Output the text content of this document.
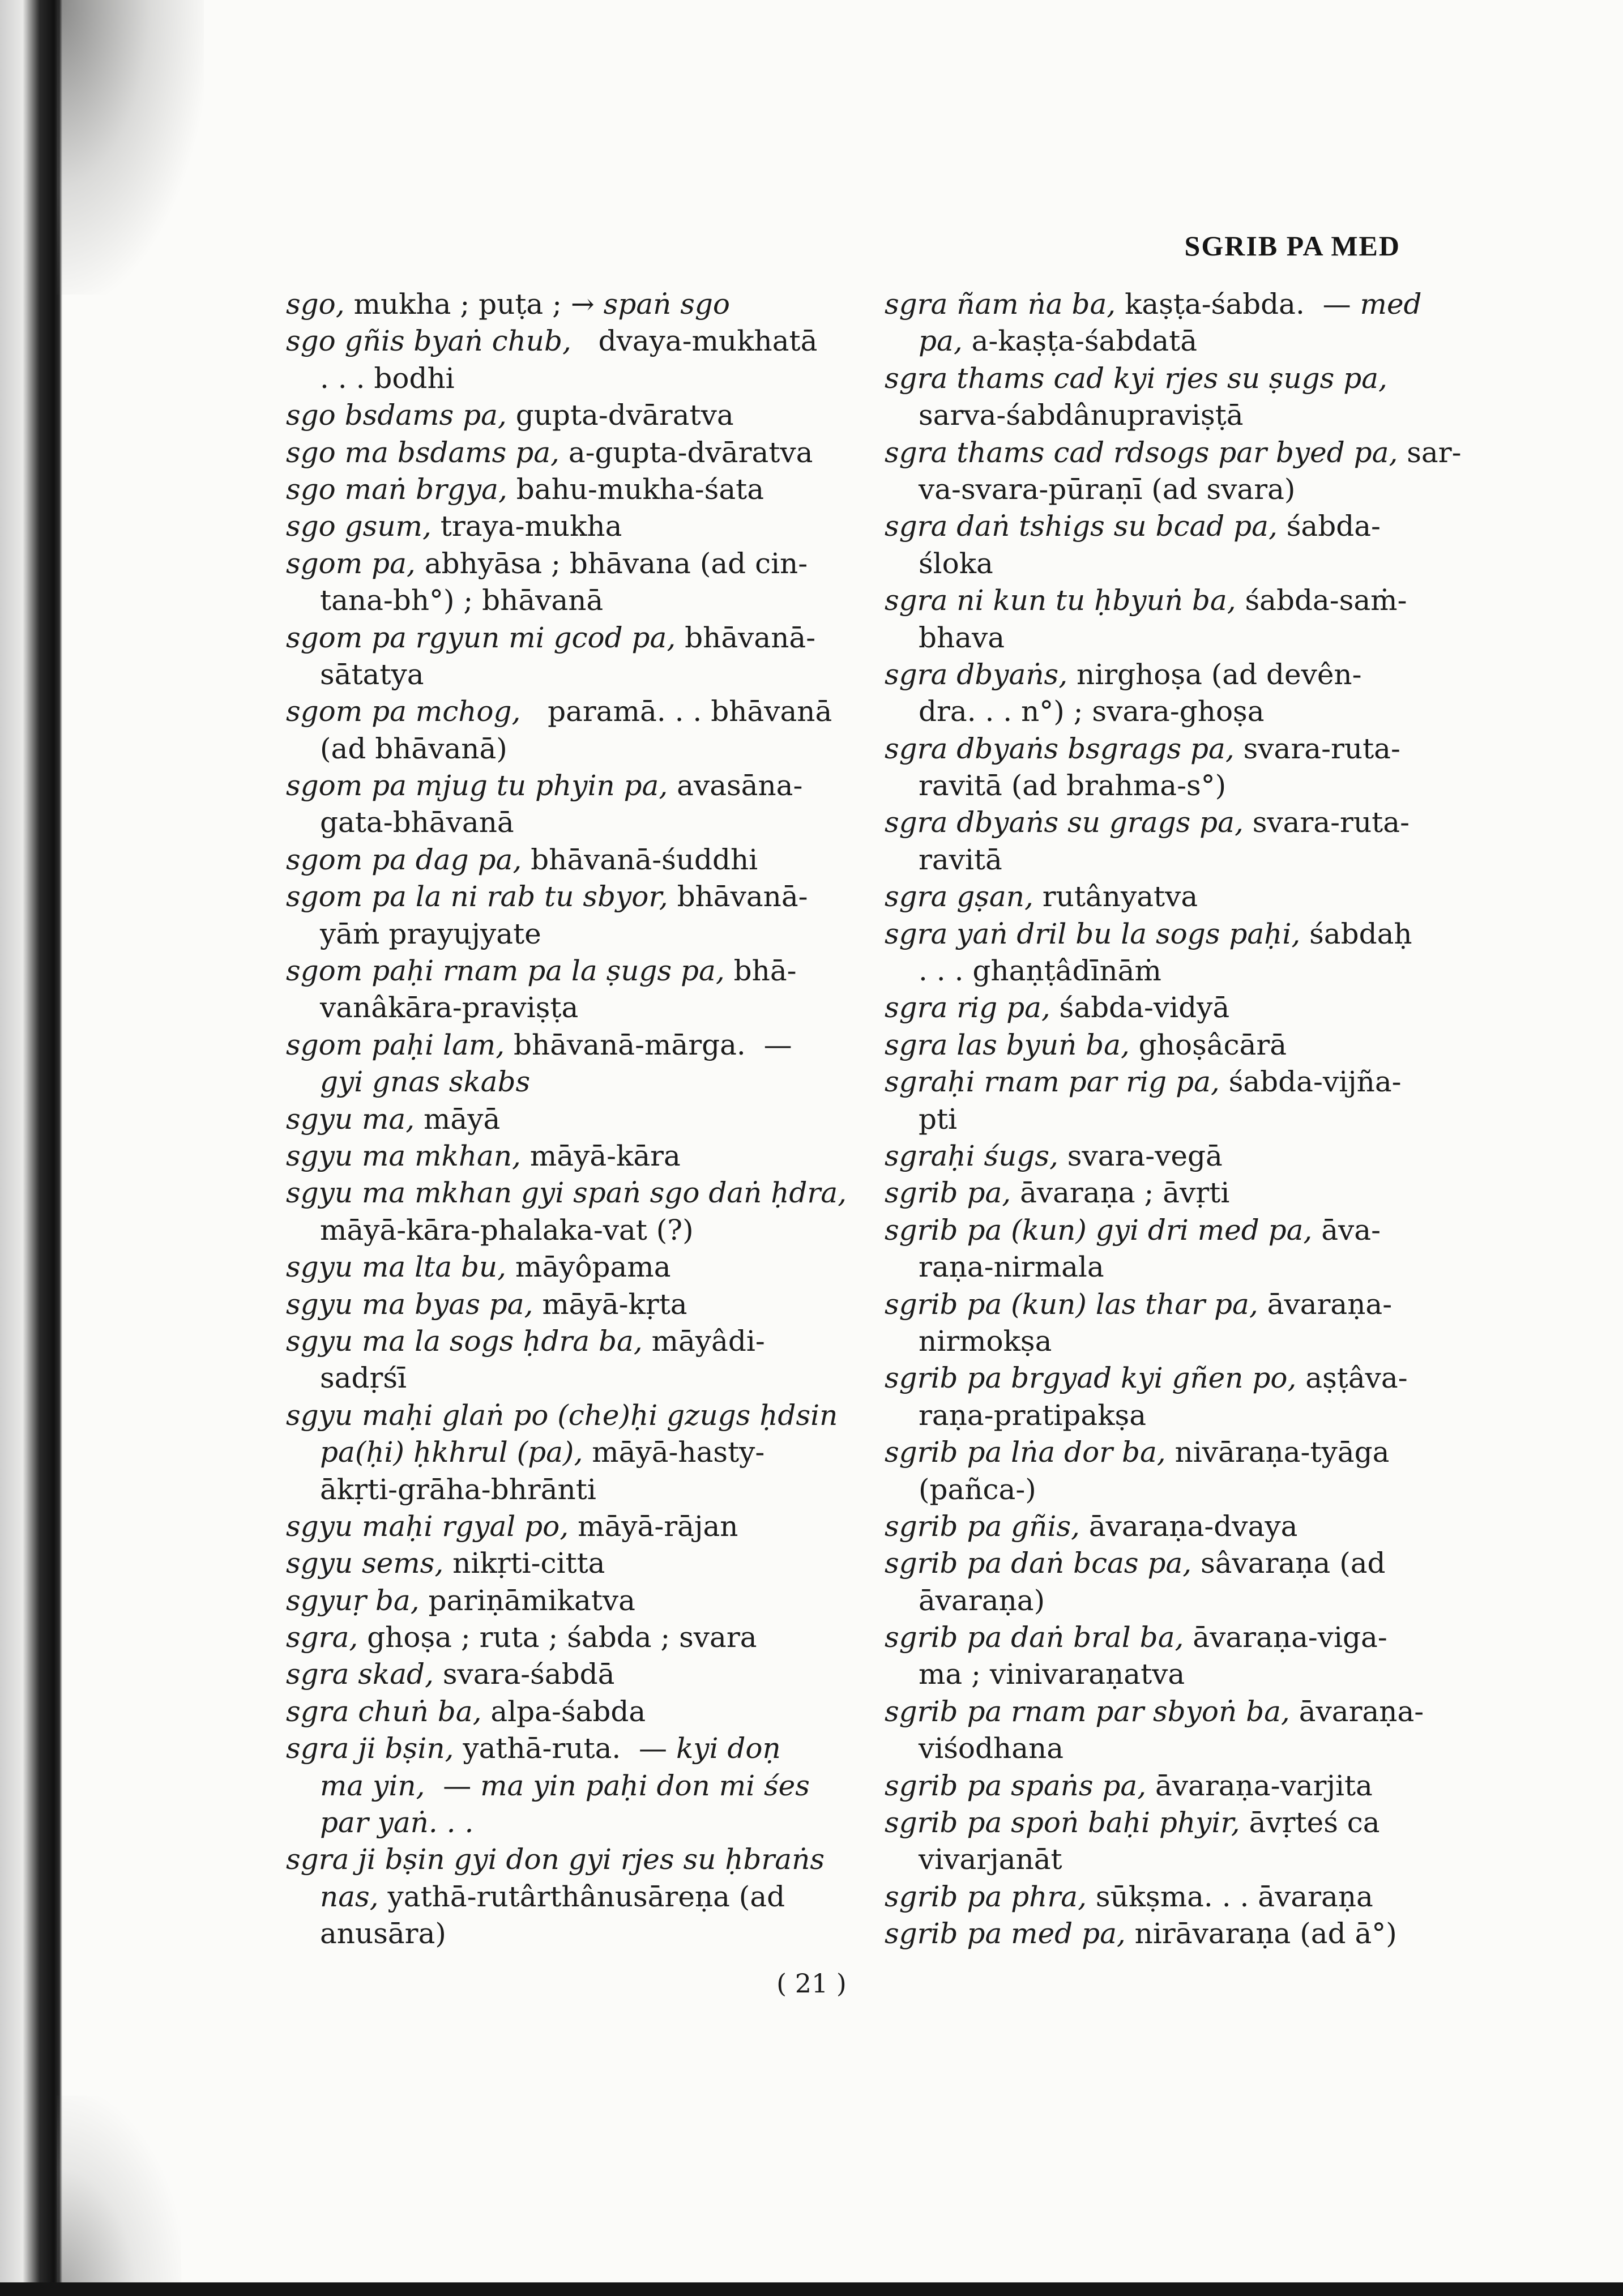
SGRIB PA MED
sgo, mukha ; puṭa ; → spaṅ sgo
sgo gñis byaṅ chub,   dvaya-mukhatā
. . . bodhi
sgo bsdams pa, gupta-dvāratva
sgo ma bsdams pa, a-gupta-dvāratva
sgo maṅ brgya, bahu-mukha-śata
sgo gsum, traya-mukha
sgom pa, abhyāsa ; bhāvana (ad cin-
tana-bh°) ; bhāvanā
sgom pa rgyun mi gcod pa, bhāvanā-
sātatya
sgom pa mchog,   paramā. . . bhāvanā
(ad bhāvanā)
sgom pa mjug tu phyin pa, avasāna-
gata-bhāvanā
sgom pa dag pa, bhāvanā-śuddhi
sgom pa la ni rab tu sbyor, bhāvanā-
yāṁ prayujyate
sgom paḥi rnam pa la ṣugs pa, bhā-
vanâkāra-praviṣṭa
sgom paḥi lam, bhāvanā-mārga.  —
gyi gnas skabs
sgyu ma, māyā
sgyu ma mkhan, māyā-kāra
sgyu ma mkhan gyi spaṅ sgo daṅ ḥdra,
māyā-kāra-phalaka-vat (?)
sgyu ma lta bu, māyôpama
sgyu ma byas pa, māyā-kṛta
sgyu ma la sogs ḥdra ba, māyâdi-
sadṛśī
sgyu maḥi glaṅ po (che)ḥi gzugs ḥdsin
pa(ḥi) ḥkhrul (pa), māyā-hasty-
ākṛti-grāha-bhrānti
sgyu maḥi rgyal po, māyā-rājan
sgyu sems, nikṛti-citta
sgyuṛ ba, pariṇāmikatva
sgra, ghoṣa ; ruta ; śabda ; svara
sgra skad, svara-śabdā
sgra chuṅ ba, alpa-śabda
sgra ji bṣin, yathā-ruta.  — kyi doṇ
ma yin,  — ma yin paḥi don mi śes
par yaṅ. . .
sgra ji bṣin gyi don gyi rjes su ḥbraṅs
nas, yathā-rutârthânusāreṇa (ad
anusāra)
sgra ñam ṅa ba, kaṣṭa-śabda.  — med
pa, a-kaṣṭa-śabdatā
sgra thams cad kyi rjes su ṣugs pa,
sarva-śabdânupraviṣṭā
sgra thams cad rdsogs par byed pa, sar-
va-svara-pūraṇī (ad svara)
sgra daṅ tshigs su bcad pa, śabda-
śloka
sgra ni kun tu ḥbyuṅ ba, śabda-saṁ-
bhava
sgra dbyaṅs, nirghoṣa (ad devên-
dra. . . n°) ; svara-ghoṣa
sgra dbyaṅs bsgrags pa, svara-ruta-
ravitā (ad brahma-s°)
sgra dbyaṅs su grags pa, svara-ruta-
ravitā
sgra gṣan, rutânyatva
sgra yaṅ dril bu la sogs paḥi, śabdaḥ
. . . ghaṇṭâdīnāṁ
sgra rig pa, śabda-vidyā
sgra las byuṅ ba, ghoṣâcārā
sgraḥi rnam par rig pa, śabda-vijña-
pti
sgraḥi śugs, svara-vegā
sgrib pa, āvaraṇa ; āvṛti
sgrib pa (kun) gyi dri med pa, āva-
raṇa-nirmala
sgrib pa (kun) las thar pa, āvaraṇa-
nirmokṣa
sgrib pa brgyad kyi gñen po, aṣṭâva-
raṇa-pratipakṣa
sgrib pa lṅa dor ba, nivāraṇa-tyāga
(pañca-)
sgrib pa gñis, āvaraṇa-dvaya
sgrib pa daṅ bcas pa, sâvaraṇa (ad
āvaraṇa)
sgrib pa daṅ bral ba, āvaraṇa-viga-
ma ; vinivaraṇatva
sgrib pa rnam par sbyoṅ ba, āvaraṇa-
viśodhana
sgrib pa spaṅs pa, āvaraṇa-varjita
sgrib pa spoṅ baḥi phyir, āvṛteś ca
vivarjanāt
sgrib pa phra, sūkṣma. . . āvaraṇa
sgrib pa med pa, nirāvaraṇa (ad ā°)
( 21 )
